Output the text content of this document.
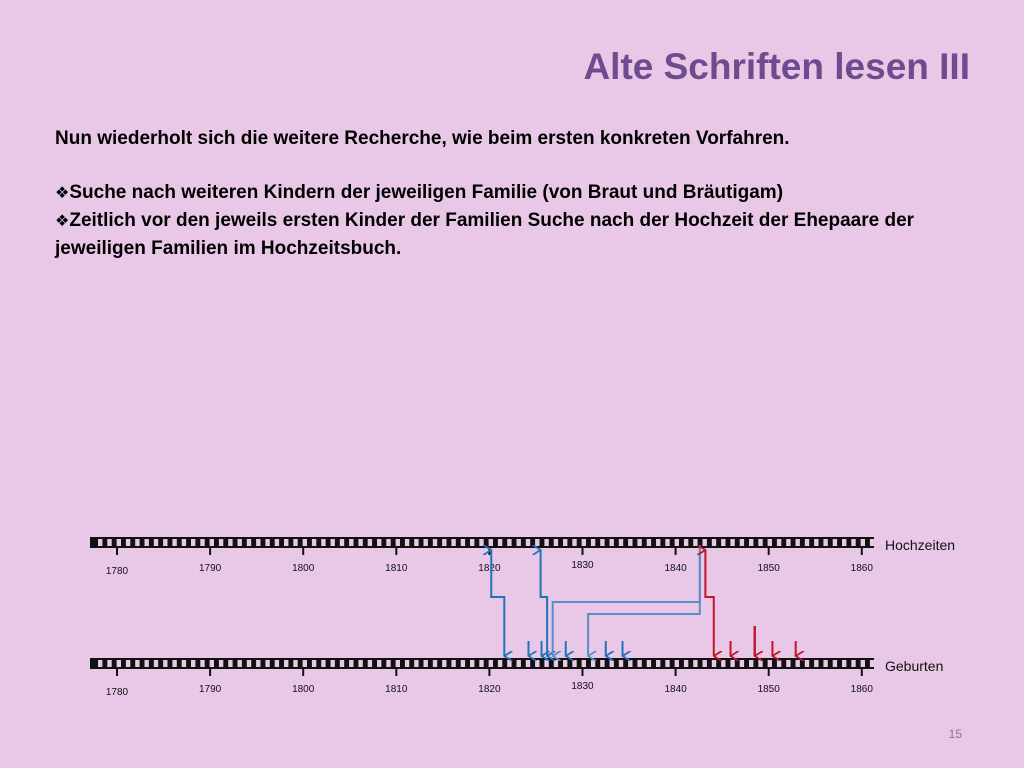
Alte Schriften lesen III

Nun wiederholt sich die weitere Recherche, wie beim ersten konkreten Vorfahren.

❖Suche nach weiteren Kindern der jeweiligen Familie (von Braut und Bräutigam)

❖Zeitlich vor den jeweils ersten Kinder der Familien Suche nach der Hochzeit der Ehepaare der jeweiligen Familien im Hochzeitsbuch.

1780	1790	1800	1810	1820	1830	1840	1850	1860
1780	1790	1800	1810	1820	1830	1840	1850	1860
Hochzeiten
Geburten
15
